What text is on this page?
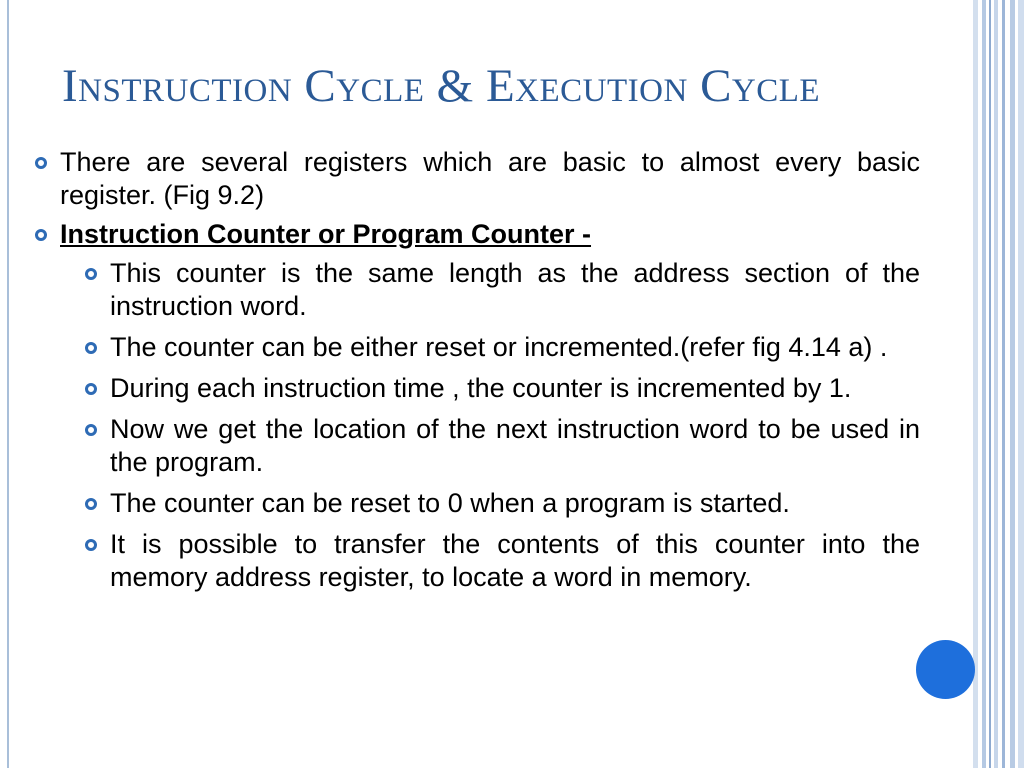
Instruction Cycle & Execution Cycle
There are several registers which are basic to almost every basic register. (Fig 9.2)
Instruction Counter or Program Counter -
This counter is the same length as the address section of the instruction word.
The counter can be either reset or incremented.(refer fig 4.14 a) .
During each instruction time , the counter is incremented by 1.
Now we get the location of the next instruction word to be used in the program.
The counter can be reset to 0 when a program is started.
It is possible to transfer the contents of this counter into the memory address register, to locate a word in memory.
